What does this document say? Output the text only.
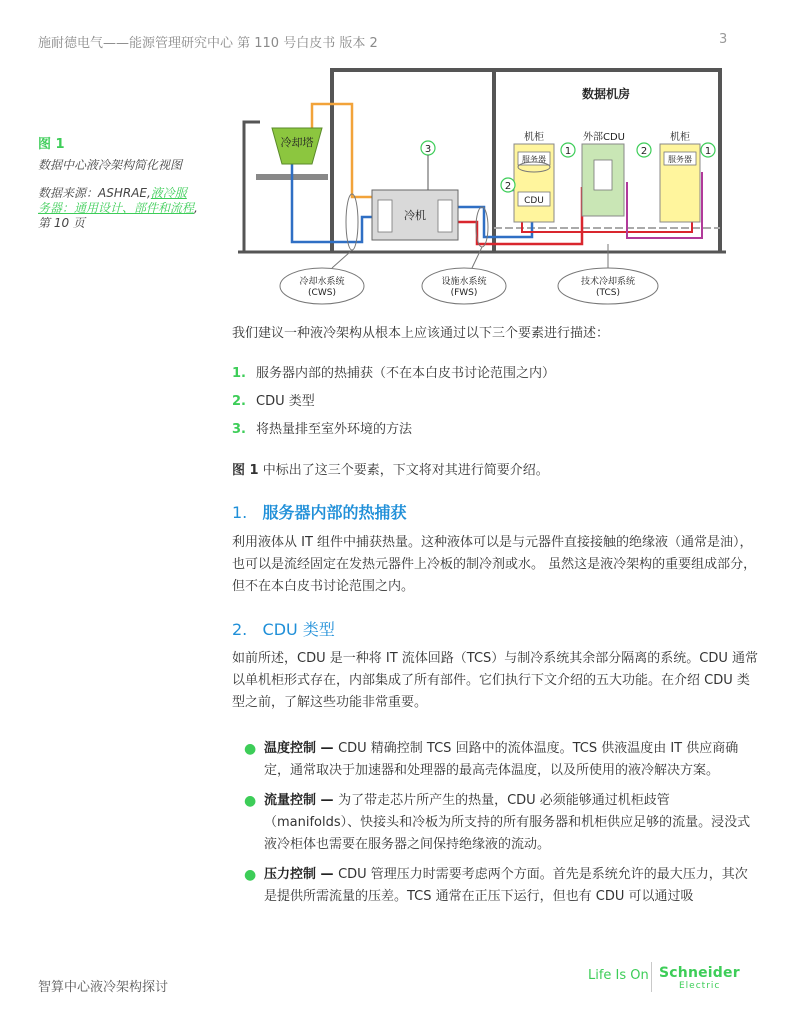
施耐德电气——能源管理研究中心 第 110 号白皮书 版本 2	3
图 1
数据中心液冷架构简化视图
数据来源：ASHRAE,液冷服务器：通用设计、部件和流程, 第 10 页
冷却塔
冷机
3
数据机房
机柜
服务器
CDU
外部CDU	机柜
服务器
1
2
2	1
冷却水系统
(CWS)
设施水系统
(FWS)
技术冷却系统
(TCS)
我们建议一种液冷架构从根本上应该通过以下三个要素进行描述：
1. 服务器内部的热捕获（不在本白皮书讨论范围之内）
2. CDU 类型
3. 将热量排至室外环境的方法
图 1 中标出了这三个要素，下文将对其进行简要介绍。
1. 服务器内部的热捕获
利用液体从 IT 组件中捕获热量。这种液体可以是与元器件直接接触的绝缘液（通常是油），也可以是流经固定在发热元器件上冷板的制冷剂或水。 虽然这是液冷架构的重要组成部分，但不在本白皮书讨论范围之内。
2. CDU 类型
如前所述，CDU 是一种将 IT 流体回路（TCS）与制冷系统其余部分隔离的系统。CDU 通常以单机柜形式存在，内部集成了所有部件。它们执行下文介绍的五大功能。在介绍 CDU 类型之前，了解这些功能非常重要。
● 温度控制 — CDU 精确控制 TCS 回路中的流体温度。TCS 供液温度由 IT 供应商确定，通常取决于加速器和处理器的最高壳体温度，以及所使用的液冷解决方案。
● 流量控制 — 为了带走芯片所产生的热量，CDU 必须能够通过机柜歧管（manifolds）、快接头和冷板为所支持的所有服务器和机柜供应足够的流量。浸没式液冷柜体也需要在服务器之间保持绝缘液的流动。
● 压力控制 — CDU 管理压力时需要考虑两个方面。首先是系统允许的最大压力，其次是提供所需流量的压差。TCS 通常在正压下运行，但也有 CDU 可以通过吸
智算中心液冷架构探讨
Life Is On Schneider
Electric
